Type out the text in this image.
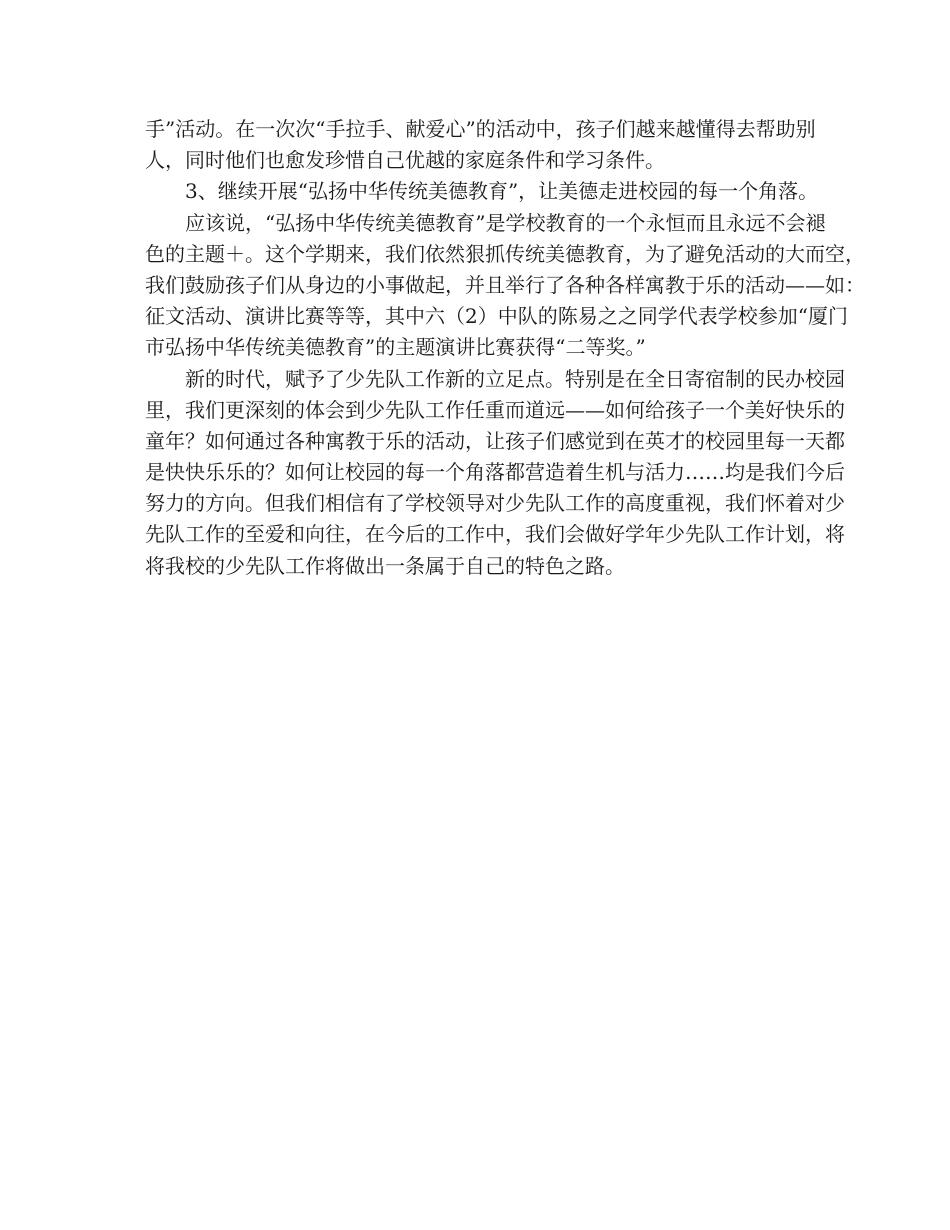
手”活动。在一次次“手拉手、献爱心”的活动中，孩子们越来越懂得去帮助别
人，同时他们也愈发珍惜自己优越的家庭条件和学习条件。
3、继续开展“弘扬中华传统美德教育”，让美德走进校园的每一个角落。
应该说，“弘扬中华传统美德教育”是学校教育的一个永恒而且永远不会褪
色的主题＋。这个学期来，我们依然狠抓传统美德教育，为了避免活动的大而空，
我们鼓励孩子们从身边的小事做起，并且举行了各种各样寓教于乐的活动——如：
征文活动、演讲比赛等等，其中六（2）中队的陈易之之同学代表学校参加“厦门
市弘扬中华传统美德教育”的主题演讲比赛获得“二等奖。”
新的时代，赋予了少先队工作新的立足点。特别是在全日寄宿制的民办校园
里，我们更深刻的体会到少先队工作任重而道远——如何给孩子一个美好快乐的
童年？如何通过各种寓教于乐的活动，让孩子们感觉到在英才的校园里每一天都
是快快乐乐的？如何让校园的每一个角落都营造着生机与活力……均是我们今后
努力的方向。但我们相信有了学校领导对少先队工作的高度重视，我们怀着对少
先队工作的至爱和向往，在今后的工作中，我们会做好学年少先队工作计划，将
将我校的少先队工作将做出一条属于自己的特色之路。
